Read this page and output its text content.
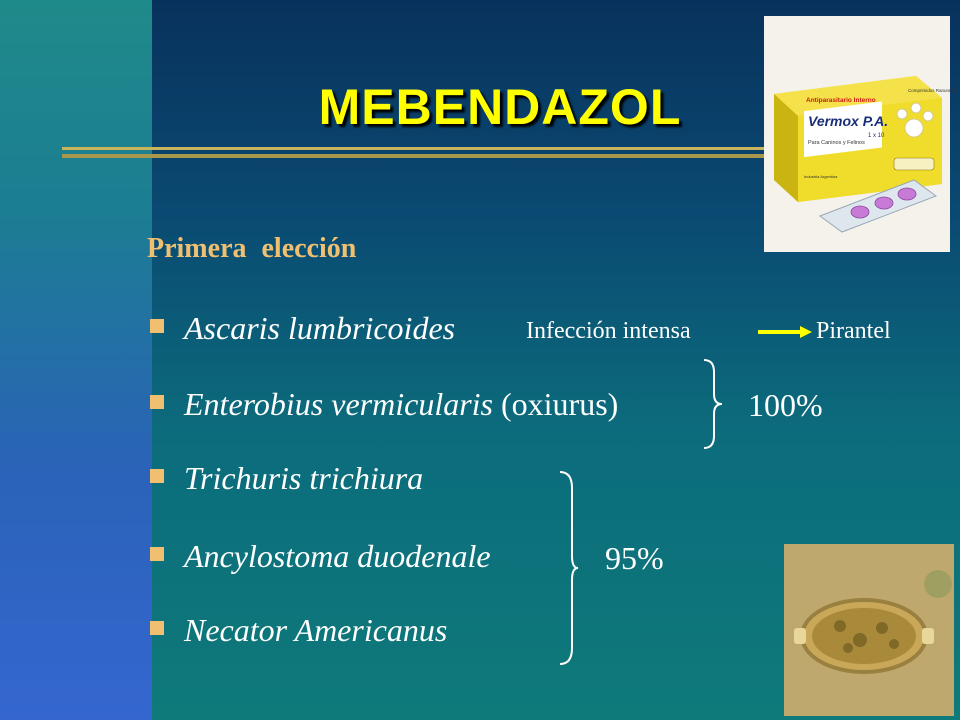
MEBENDAZOL
Primera elección
Ascaris lumbricoides
Enterobius vermicularis (oxiurus)
Trichuris trichiura
Ancylostoma duodenale
Necator Americanus
Infección intensa	Pirantel
100%
95%
Antiparasitario Interno
Comprimidos Ranurados
Vermox P.A.
1 x 10
Para Caninos y Felinos
Industria Argentina
